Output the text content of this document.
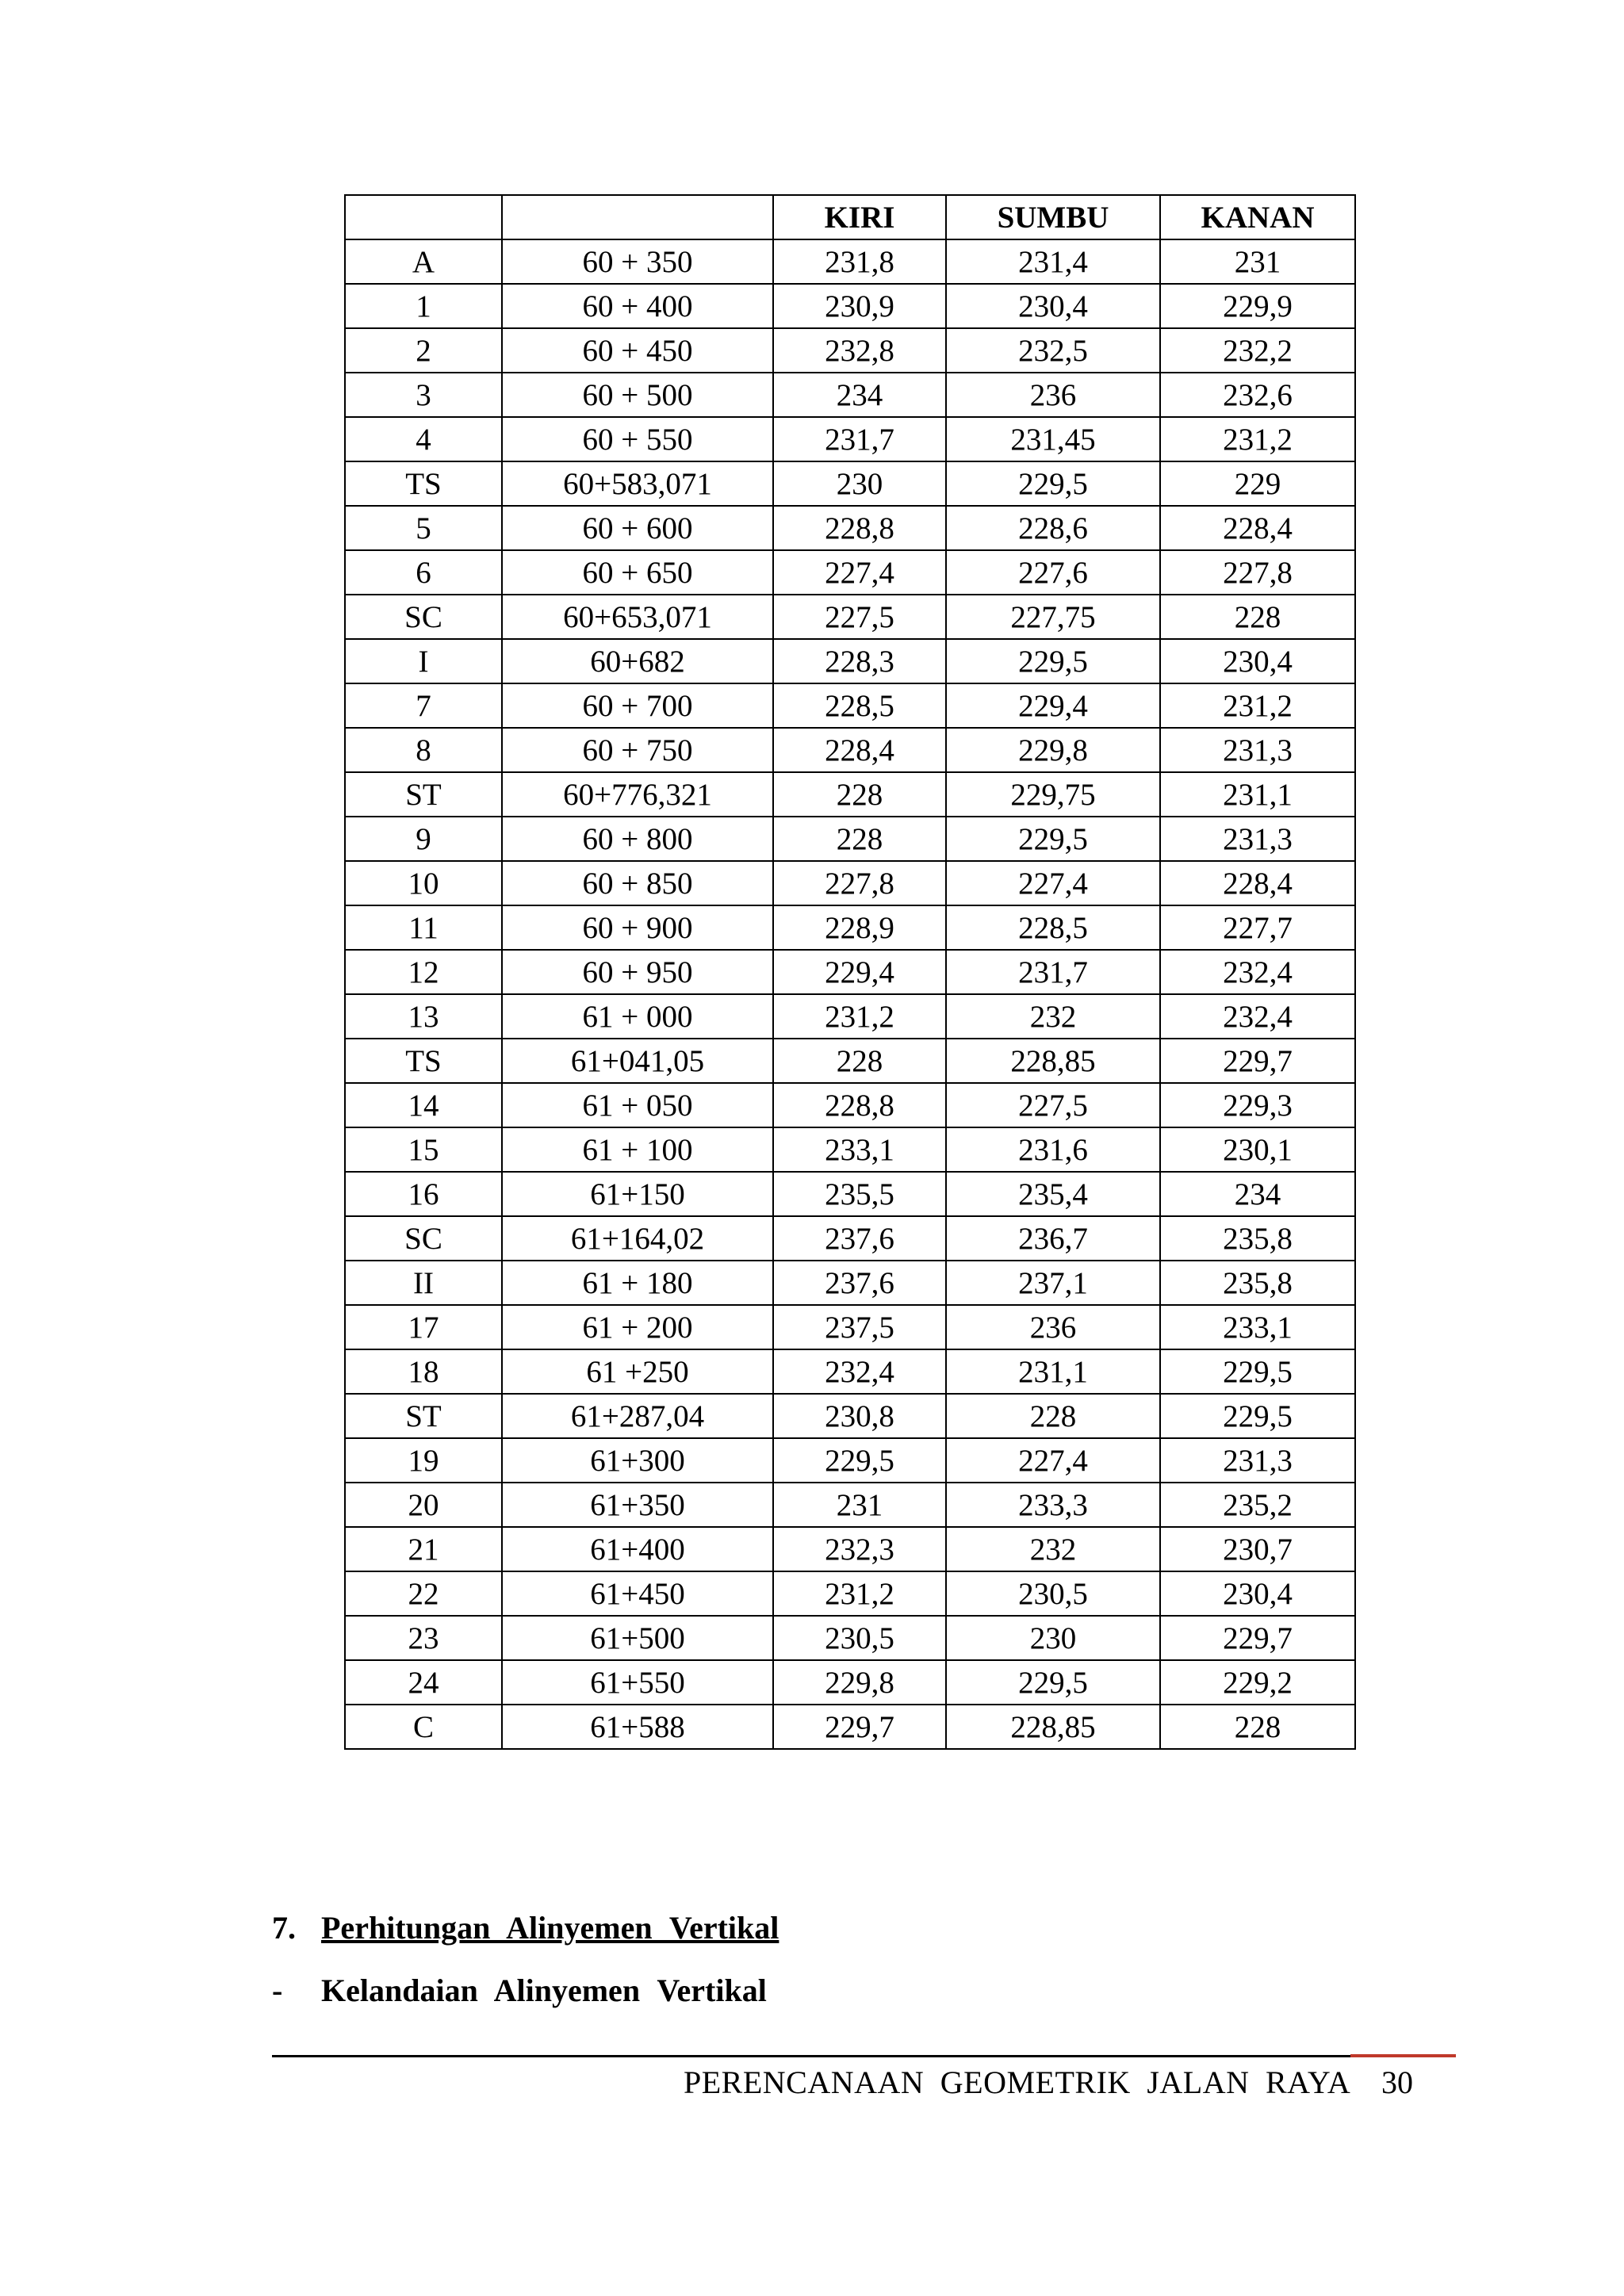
		KIRI	SUMBU	KANAN
A	60 + 350	231,8	231,4	231
1	60 + 400	230,9	230,4	229,9
2	60 + 450	232,8	232,5	232,2
3	60 + 500	234	236	232,6
4	60 + 550	231,7	231,45	231,2
TS	60+583,071	230	229,5	229
5	60 + 600	228,8	228,6	228,4
6	60 + 650	227,4	227,6	227,8
SC	60+653,071	227,5	227,75	228
I	60+682	228,3	229,5	230,4
7	60 + 700	228,5	229,4	231,2
8	60 + 750	228,4	229,8	231,3
ST	60+776,321	228	229,75	231,1
9	60 + 800	228	229,5	231,3
10	60 + 850	227,8	227,4	228,4
11	60 + 900	228,9	228,5	227,7
12	60 + 950	229,4	231,7	232,4
13	61 + 000	231,2	232	232,4
TS	61+041,05	228	228,85	229,7
14	61 + 050	228,8	227,5	229,3
15	61 + 100	233,1	231,6	230,1
16	61+150	235,5	235,4	234
SC	61+164,02	237,6	236,7	235,8
II	61 + 180	237,6	237,1	235,8
17	61 + 200	237,5	236	233,1
18	61 +250	232,4	231,1	229,5
ST	61+287,04	230,8	228	229,5
19	61+300	229,5	227,4	231,3
20	61+350	231	233,3	235,2
21	61+400	232,3	232	230,7
22	61+450	231,2	230,5	230,4
23	61+500	230,5	230	229,7
24	61+550	229,8	229,5	229,2
C	61+588	229,7	228,85	228
7. Perhitungan Alinyemen Vertikal
- Kelandaian Alinyemen Vertikal
PERENCANAAN GEOMETRIK JALAN RAYA 30
